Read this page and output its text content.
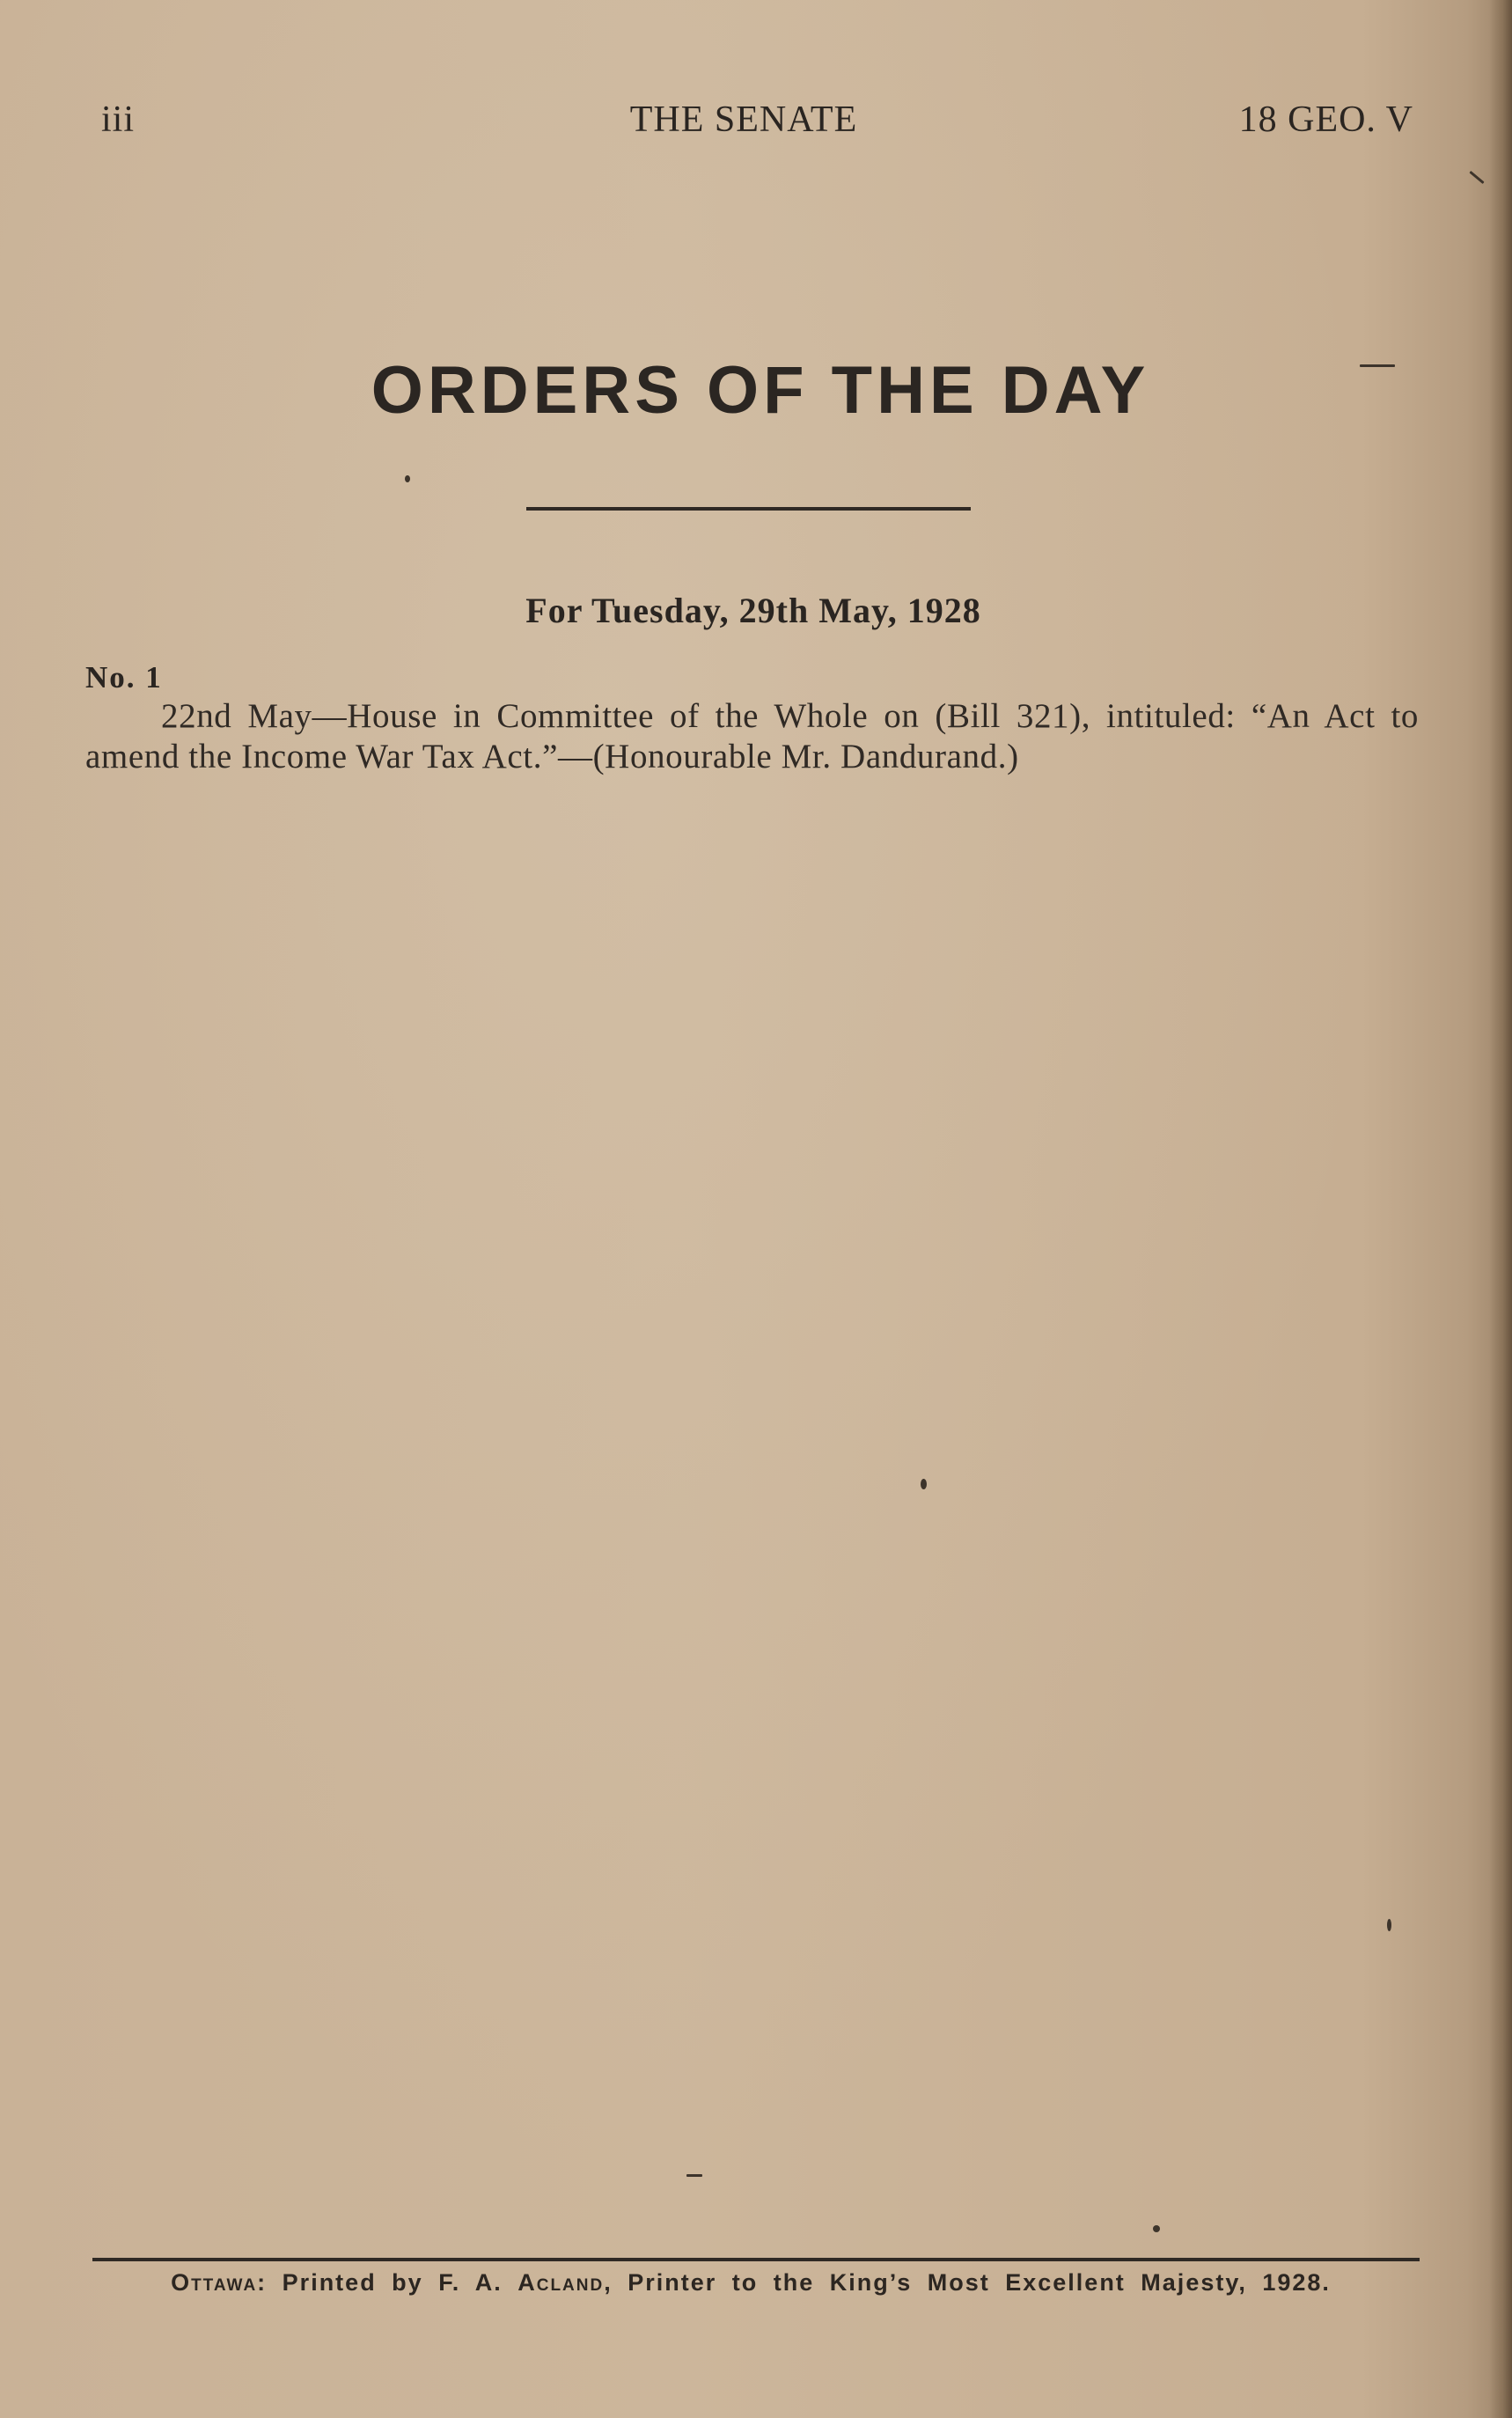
iii	THE SENATE	18 GEO. V
ORDERS OF THE DAY
For Tuesday, 29th May, 1928
No. 1
22nd May—House in Committee of the Whole on (Bill 321), intituled: “An Act to amend the Income War Tax Act.”—(Honourable Mr. Dandurand.)
Ottawa: Printed by F. A. Acland, Printer to the King’s Most Excellent Majesty, 1928.
